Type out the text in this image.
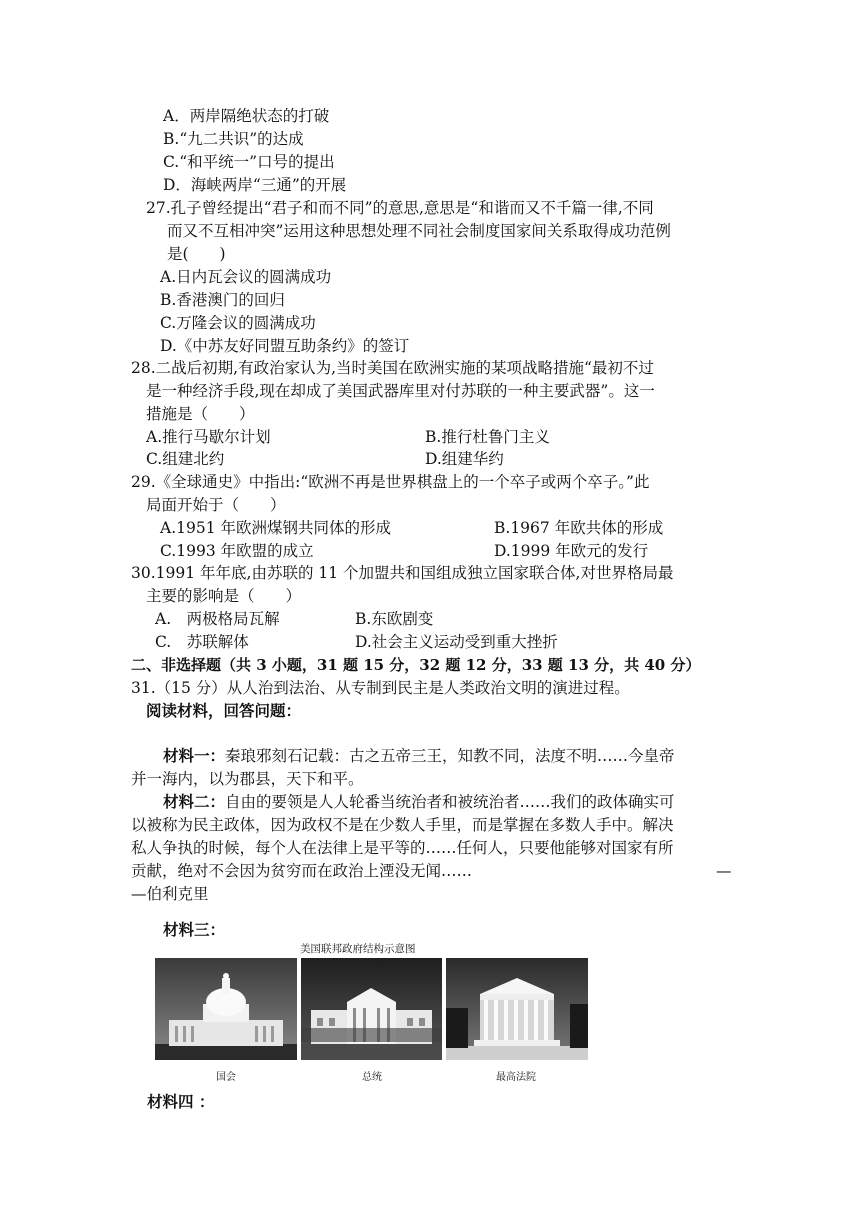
A．两岸隔绝状态的打破
B.“九二共识”的达成
C.“和平统一”口号的提出
D．海峡两岸“三通”的开展
27.孔子曾经提出“君子和而不同”的意思,意思是“和谐而又不千篇一律,不同
而又不互相冲突”运用这种思想处理不同社会制度国家间关系取得成功范例
是(　　)
A.日内瓦会议的圆满成功
B.香港澳门的回归
C.万隆会议的圆满成功
D.《中苏友好同盟互助条约》的签订
28.二战后初期,有政治家认为,当时美国在欧洲实施的某项战略措施“最初不过
是一种经济手段,现在却成了美国武器库里对付苏联的一种主要武器”。这一
措施是（　　）
A.推行马歇尔计划	B.推行杜鲁门主义
C.组建北约	D.组建华约
29.《全球通史》中指出:“欧洲不再是世界棋盘上的一个卒子或两个卒子。”此
局面开始于（　　）
A.1951 年欧洲煤钢共同体的形成	B.1967 年欧共体的形成
C.1993 年欧盟的成立	D.1999 年欧元的发行
30.1991 年年底,由苏联的 11 个加盟共和国组成独立国家联合体,对世界格局最
主要的影响是（　　）
A.　两极格局瓦解	B.东欧剧变
C.　苏联解体	D.社会主义运动受到重大挫折
二、非选择题（共 3 小题，31 题 15 分，32 题 12 分，33 题 13 分，共 40 分）
31.（15 分）从人治到法治、从专制到民主是人类政治文明的演进过程。
阅读材料，回答问题：
材料一：秦琅邪刻石记载：古之五帝三王，知教不同，法度不明……今皇帝
并一海内，以为郡县，天下和平。
材料二：自由的要领是人人轮番当统治者和被统治者……我们的政体确实可
以被称为民主政体，因为政权不是在少数人手里，而是掌握在多数人手中。解决
私人争执的时候，每个人在法律上是平等的……任何人，只要他能够对国家有所
贡献，绝对不会因为贫穷而在政治上湮没无闻……	—
—伯利克里
材料三：
美国联邦政府结构示意图
国会	总统	最高法院
材料四 ：
